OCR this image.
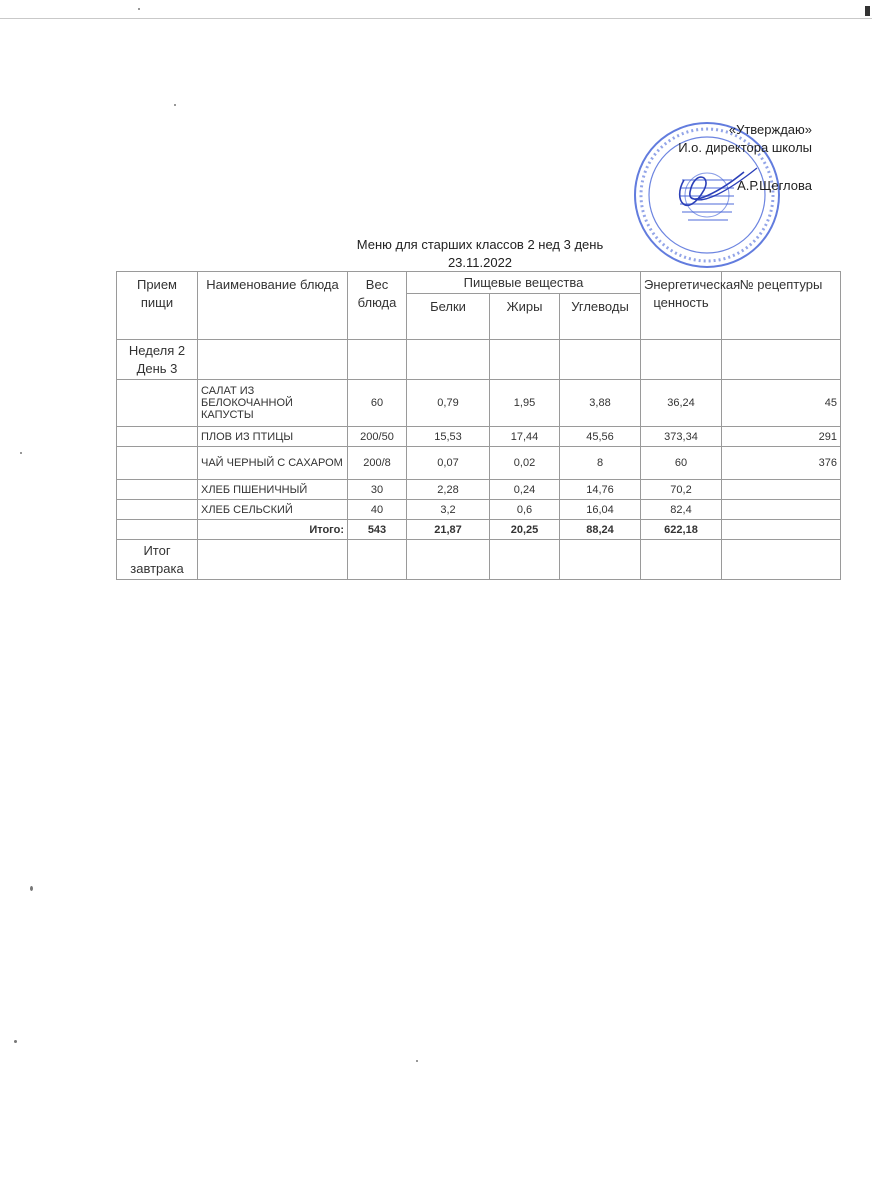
«Утверждаю»
И.о. директора школы
А.Р.Щеглова
Меню для старших классов 2 нед 3 день
23.11.2022
Прием пищи	Наименование блюда	Вес блюда	Пищевые вещества			Энергетическая ценность	№ рецептуры
			Белки	Жиры	Углеводы		
Неделя 2 День 3							
	САЛАТ ИЗ БЕЛОКОЧАННОЙ КАПУСТЫ	60	0,79	1,95	3,88	36,24	45
	ПЛОВ ИЗ ПТИЦЫ	200/50	15,53	17,44	45,56	373,34	291
	ЧАЙ ЧЕРНЫЙ С САХАРОМ	200/8	0,07	0,02	8	60	376
	ХЛЕБ ПШЕНИЧНЫЙ	30	2,28	0,24	14,76	70,2	
	ХЛЕБ СЕЛЬСКИЙ	40	3,2	0,6	16,04	82,4	
	Итого:	543	21,87	20,25	88,24	622,18	
Итог завтрака							
